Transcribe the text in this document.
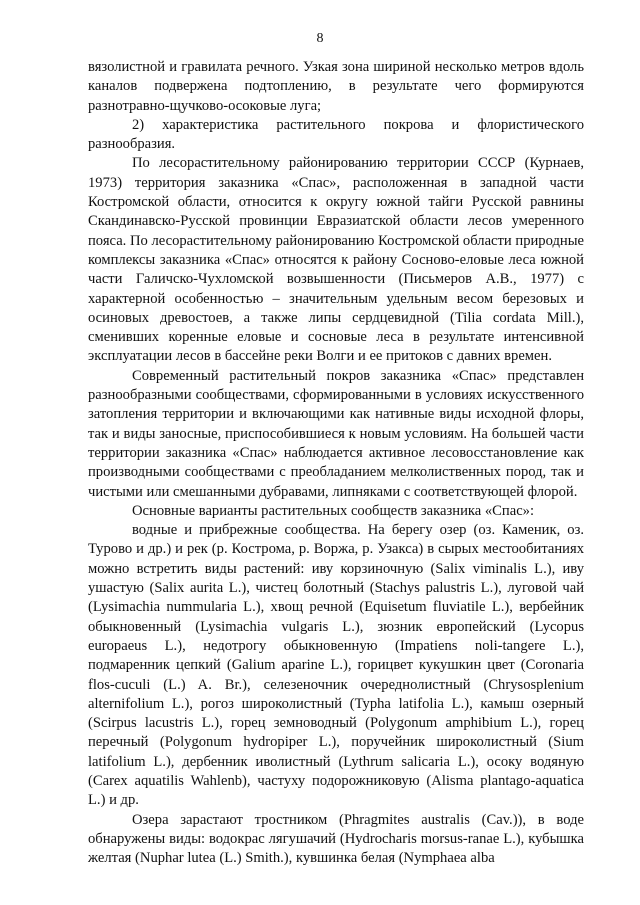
8

вязолистной и гравилата речного. Узкая зона шириной несколько метров вдоль каналов подвержена подтоплению, в результате чего формируются разнотравно-щучково-осоковые луга;

2) характеристика растительного покрова и флористического разнообразия.

По лесорастительному районированию территории СССР (Курнаев, 1973) территория заказника «Спас», расположенная в западной части Костромской области, относится к округу южной тайги Русской равнины Скандинавско-Русской провинции Евразиатской области лесов умеренного пояса. По лесорастительному районированию Костромской области природные комплексы заказника «Спас» относятся к району Сосново-еловые леса южной части Галичско-Чухломской возвышенности (Письмеров А.В., 1977) с характерной особенностью – значительным удельным весом березовых и осиновых древостоев, а также липы сердцевидной (Tilia cordata Mill.), сменивших коренные еловые и сосновые леса в результате интенсивной эксплуатации лесов в бассейне реки Волги и ее притоков с давних времен.

Современный растительный покров заказника «Спас» представлен разнообразными сообществами, сформированными в условиях искусственного затопления территории и включающими как нативные виды исходной флоры, так и виды заносные, приспособившиеся к новым условиям. На большей части территории заказника «Спас» наблюдается активное лесовосстановление как производными сообществами с преобладанием мелколиственных пород, так и чистыми или смешанными дубравами, липняками с соответствующей флорой.

Основные варианты растительных сообществ заказника «Спас»:

водные и прибрежные сообщества. На берегу озер (оз. Каменик, оз. Турово и др.) и рек (р. Кострома, р. Воржа, р. Узакса) в сырых местообитаниях можно встретить виды растений: иву корзиночную (Salix viminalis L.), иву ушастую (Salix aurita L.), чистец болотный (Stachys palustris L.), луговой чай (Lysimachia nummularia L.), хвощ речной (Equisetum fluviatile L.), вербейник обыкновенный (Lysimachia vulgaris L.), зюзник европейский (Lycopus europaeus L.), недотрогу обыкновенную (Impatiens noli-tangere L.), подмаренник цепкий (Galium aparine L.), горицвет кукушкин цвет (Coronaria flos-cuculi (L.) A. Br.), селезеночник очереднолистный (Chrysosplenium alternifolium L.), рогоз широколистный (Typha latifolia L.), камыш озерный (Scirpus lacustris L.), горец земноводный (Polygonum amphibium L.), горец перечный (Polygonum hydropiper L.), поручейник широколистный (Sium latifolium L.), дербенник иволистный (Lythrum salicaria L.), осоку водяную (Carex aquatilis Wahlenb), частуху подорожниковую (Alisma plantago-aquatica L.) и др.

Озера зарастают тростником (Phragmites australis (Cav.)), в воде обнаружены виды: водокрас лягушачий (Hydrocharis morsus-ranae L.), кубышка желтая (Nuphar lutea (L.) Smith.), кувшинка белая (Nymphaea alba
